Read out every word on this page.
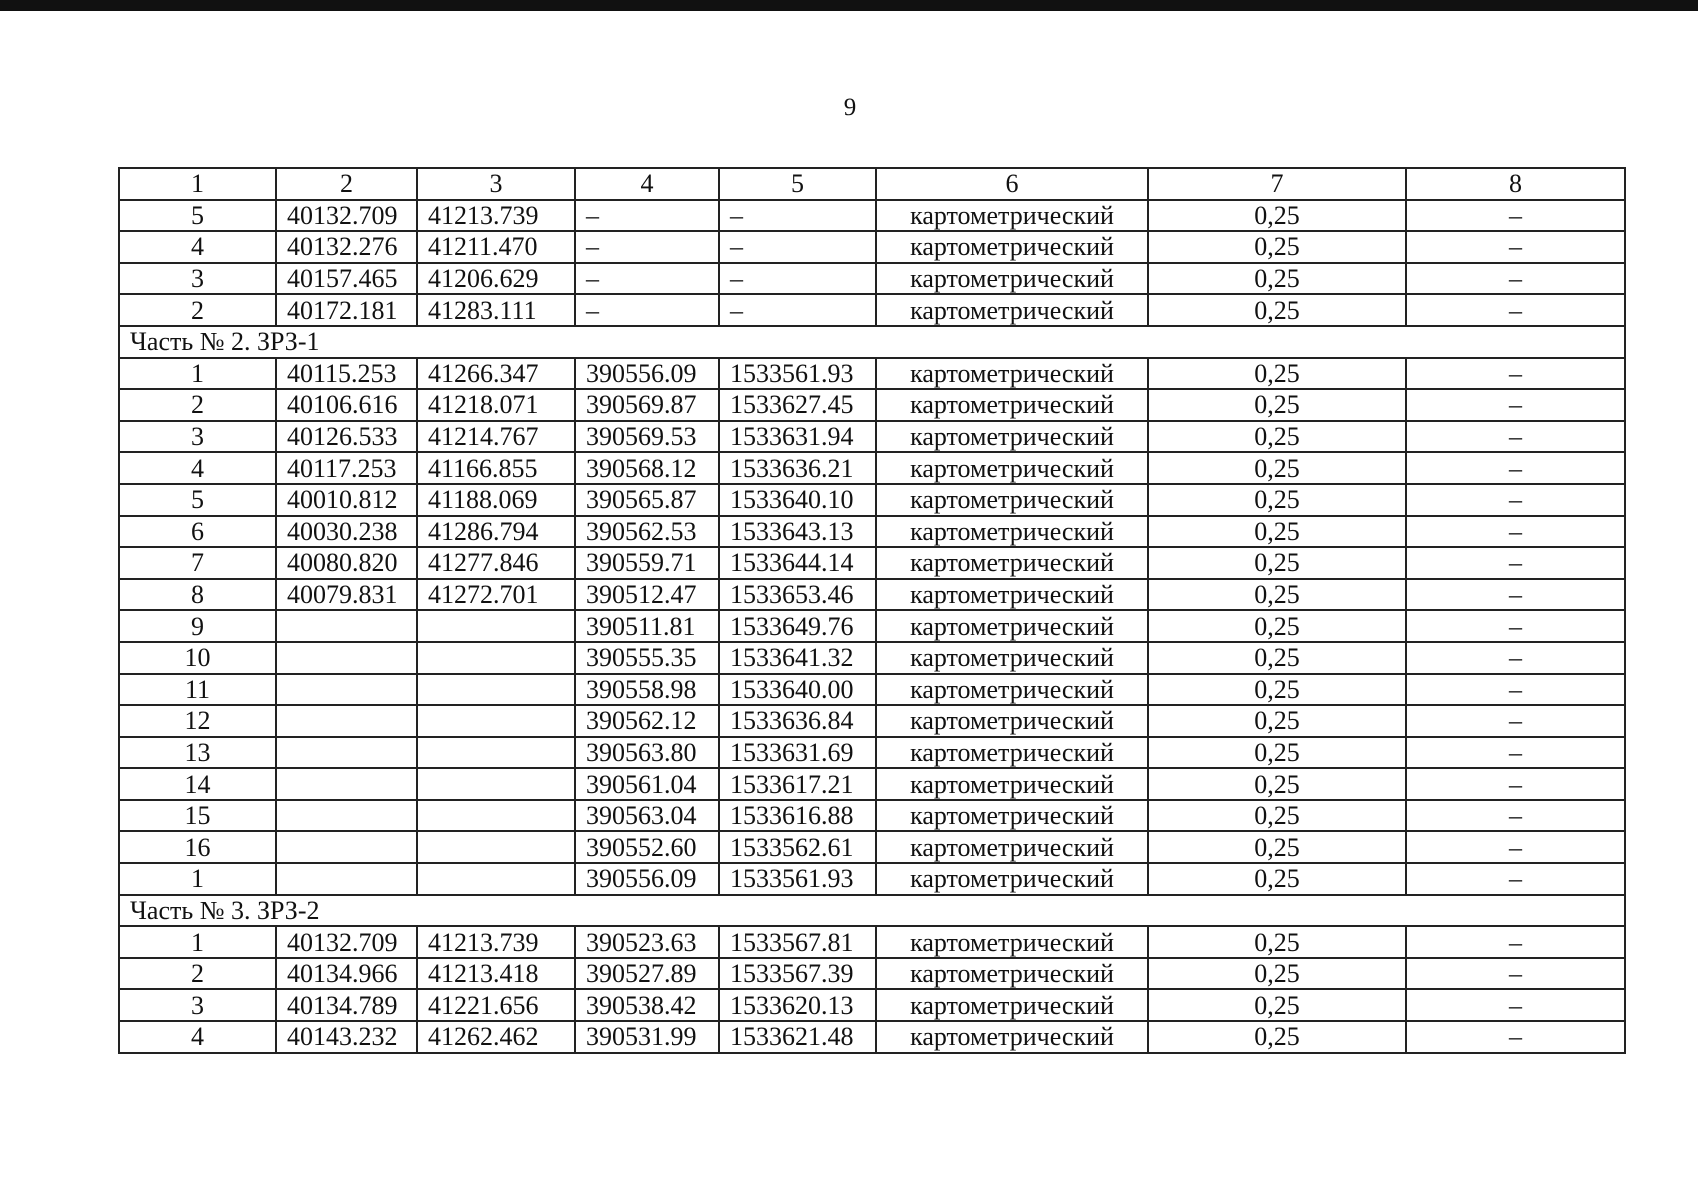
9
1	2	3	4	5	6	7	8
5	40132.709	41213.739	–	–	картометрический	0,25	–
4	40132.276	41211.470	–	–	картометрический	0,25	–
3	40157.465	41206.629	–	–	картометрический	0,25	–
2	40172.181	41283.111	–	–	картометрический	0,25	–
Часть № 2. ЗРЗ-1							
1	40115.253	41266.347	390556.09	1533561.93	картометрический	0,25	–
2	40106.616	41218.071	390569.87	1533627.45	картометрический	0,25	–
3	40126.533	41214.767	390569.53	1533631.94	картометрический	0,25	–
4	40117.253	41166.855	390568.12	1533636.21	картометрический	0,25	–
5	40010.812	41188.069	390565.87	1533640.10	картометрический	0,25	–
6	40030.238	41286.794	390562.53	1533643.13	картометрический	0,25	–
7	40080.820	41277.846	390559.71	1533644.14	картометрический	0,25	–
8	40079.831	41272.701	390512.47	1533653.46	картометрический	0,25	–
9			390511.81	1533649.76	картометрический	0,25	–
10			390555.35	1533641.32	картометрический	0,25	–
11			390558.98	1533640.00	картометрический	0,25	–
12			390562.12	1533636.84	картометрический	0,25	–
13			390563.80	1533631.69	картометрический	0,25	–
14			390561.04	1533617.21	картометрический	0,25	–
15			390563.04	1533616.88	картометрический	0,25	–
16			390552.60	1533562.61	картометрический	0,25	–
1			390556.09	1533561.93	картометрический	0,25	–
Часть № 3. ЗРЗ-2							
1	40132.709	41213.739	390523.63	1533567.81	картометрический	0,25	–
2	40134.966	41213.418	390527.89	1533567.39	картометрический	0,25	–
3	40134.789	41221.656	390538.42	1533620.13	картометрический	0,25	–
4	40143.232	41262.462	390531.99	1533621.48	картометрический	0,25	–
